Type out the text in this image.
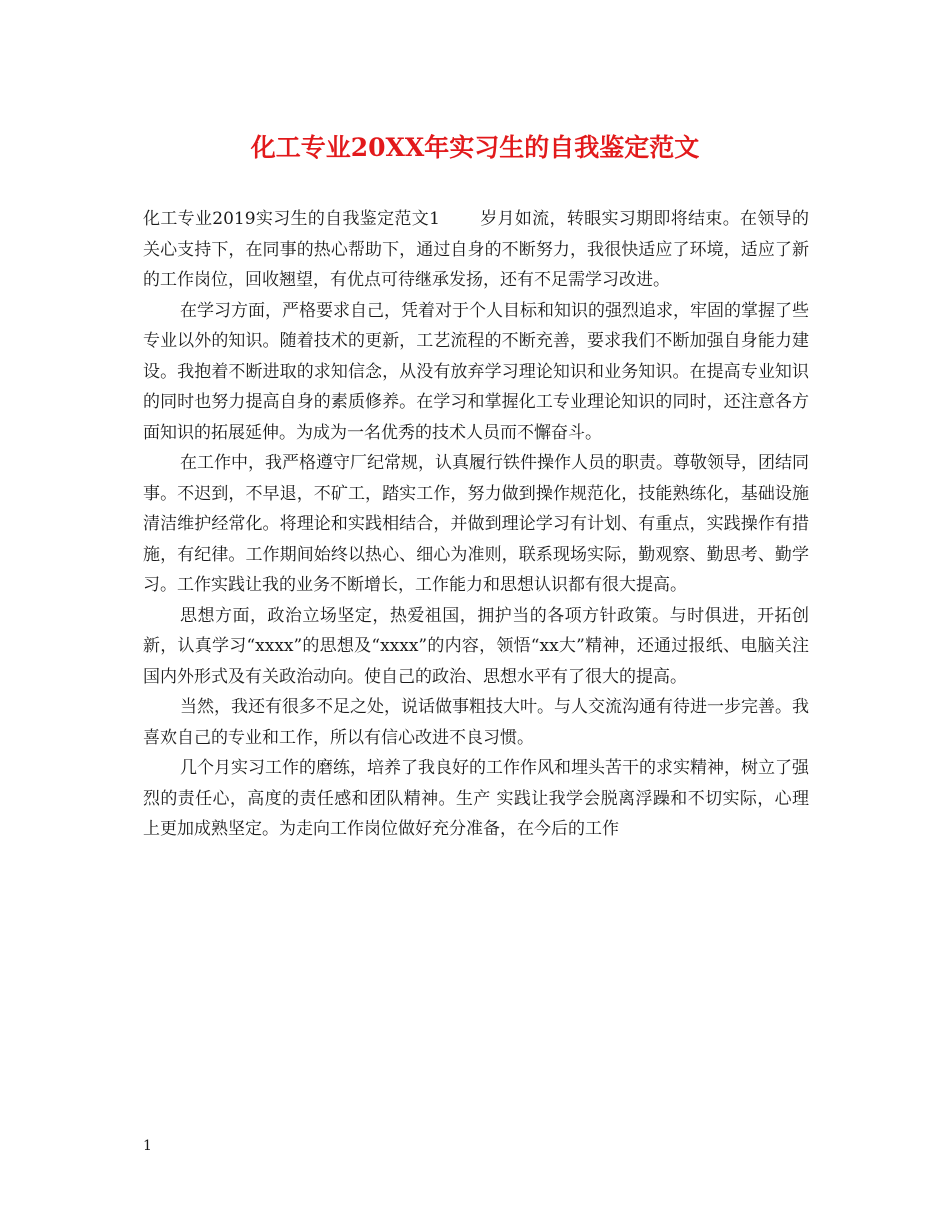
化工专业20XX年实习生的自我鉴定范文

化工专业2019实习生的自我鉴定范文1 岁月如流，转眼实习期即将结束。在领导的关心支持下，在同事的热心帮助下，通过自身的不断努力，我很快适应了环境，适应了新的工作岗位，回收翘望，有优点可待继承发扬，还有不足需学习改进。

在学习方面，严格要求自己，凭着对于个人目标和知识的强烈追求，牢固的掌握了些专业以外的知识。随着技术的更新，工艺流程的不断充善，要求我们不断加强自身能力建设。我抱着不断进取的求知信念，从没有放弃学习理论知识和业务知识。在提高专业知识的同时也努力提高自身的素质修养。在学习和掌握化工专业理论知识的同时，还注意各方面知识的拓展延伸。为成为一名优秀的技术人员而不懈奋斗。

在工作中，我严格遵守厂纪常规，认真履行铁件操作人员的职责。尊敬领导，团结同事。不迟到，不早退，不矿工，踏实工作，努力做到操作规范化，技能熟练化，基础设施清洁维护经常化。将理论和实践相结合，并做到理论学习有计划、有重点，实践操作有措施，有纪律。工作期间始终以热心、细心为准则，联系现场实际，勤观察、勤思考、勤学习。工作实践让我的业务不断增长，工作能力和思想认识都有很大提高。

思想方面，政治立场坚定，热爱祖国，拥护当的各项方针政策。与时俱进，开拓创新，认真学习“xxxx”的思想及“xxxx”的内容，领悟“xx大”精神，还通过报纸、电脑关注国内外形式及有关政治动向。使自己的政治、思想水平有了很大的提高。

当然，我还有很多不足之处，说话做事粗技大叶。与人交流沟通有待进一步完善。我喜欢自己的专业和工作，所以有信心改进不良习惯。

几个月实习工作的磨练，培养了我良好的工作作风和埋头苦干的求实精神，树立了强烈的责任心，高度的责任感和团队精神。生产 实践让我学会脱离浮躁和不切实际，心理上更加成熟坚定。为走向工作岗位做好充分准备，在今后的工作

1
